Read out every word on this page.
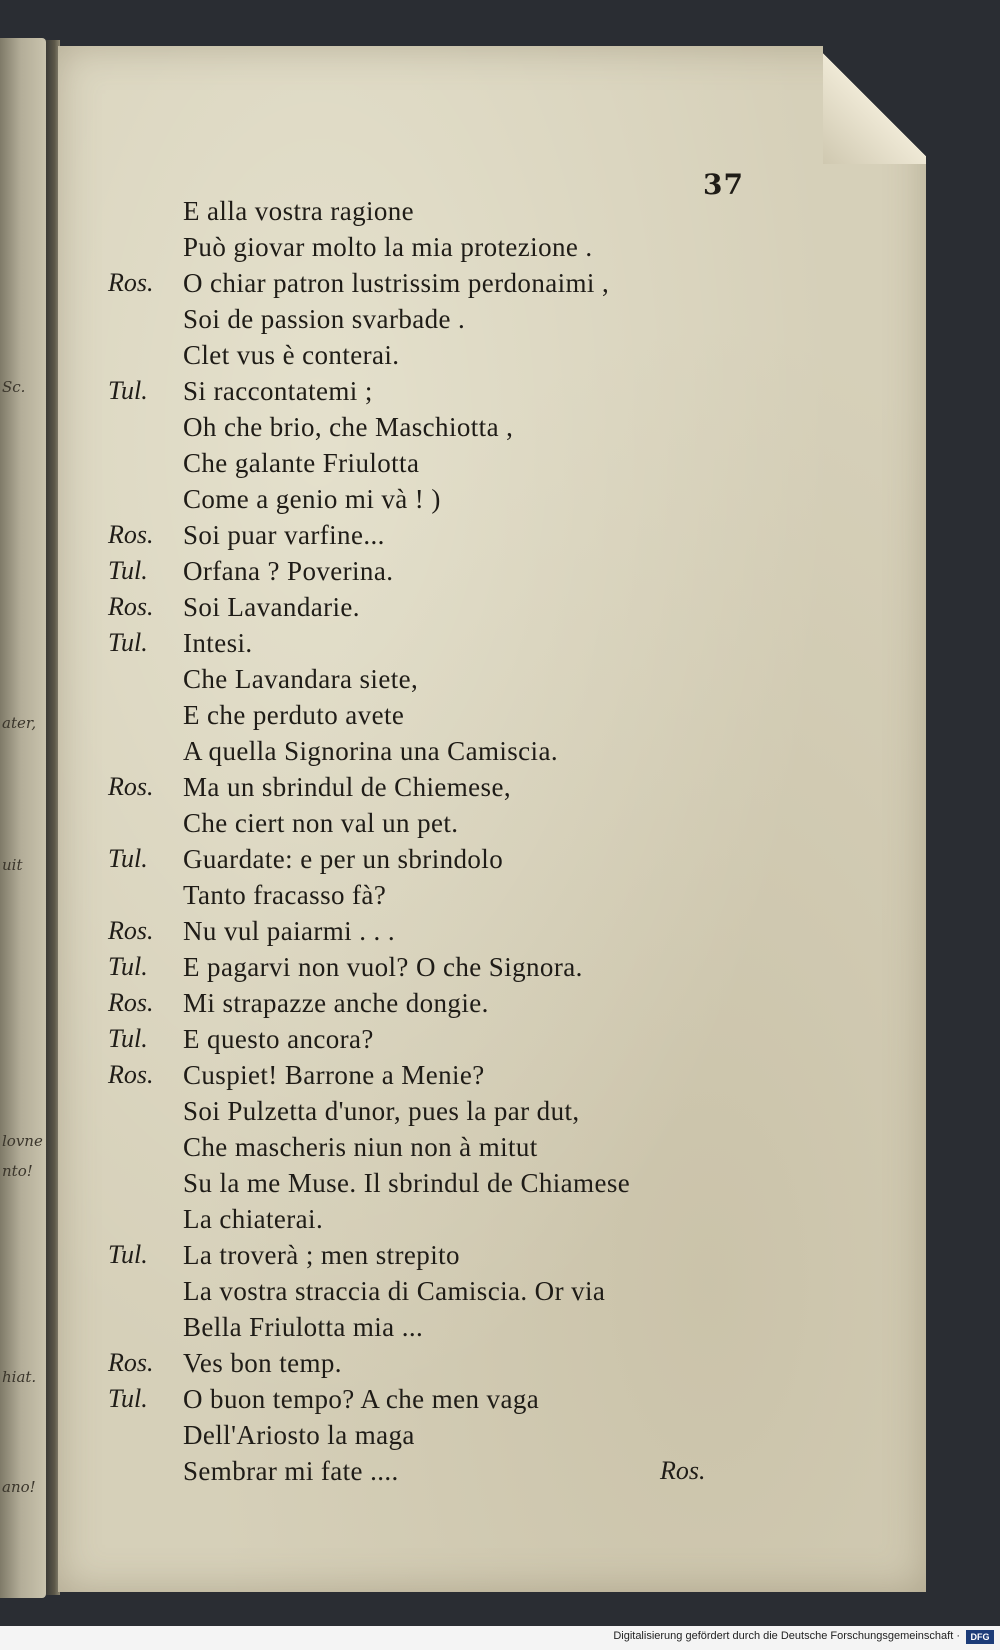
Sc.
ater,
uit
lovne
nto!
hiat.
ano!
37
E alla vostra ragione
Può giovar molto la mia protezione .
Ros. O chiar patron lustrissim perdonaimi ,
Soi de passion svarbade .
Clet vus è conterai.
Tul. Si raccontatemi ;
Oh che brio, che Maschiotta ,
Che galante Friulotta
Come a genio mi và ! )
Ros. Soi puar varfine...
Tul. Orfana ? Poverina.
Ros. Soi Lavandarie.
Tul. Intesi.
Che Lavandara siete,
E che perduto avete
A quella Signorina una Camiscia.
Ros. Ma un sbrindul de Chiemese,
Che ciert non val un pet.
Tul. Guardate: e per un sbrindolo
Tanto fracasso fà?
Ros. Nu vul paiarmi . . .
Tul. E pagarvi non vuol? O che Signora.
Ros. Mi strapazze anche dongie.
Tul. E questo ancora?
Ros. Cuspiet! Barrone a Menie?
Soi Pulzetta d'unor, pues la par dut,
Che mascheris niun non à mitut
Su la me Muse. Il sbrindul de Chiamese
La chiaterai.
Tul. La troverà ; men strepito
La vostra straccia di Camiscia. Or via
Bella Friulotta mia ...
Ros. Ves bon temp.
Tul. O buon tempo? A che men vaga
Dell'Ariosto la maga
Sembrar mi fate ....	Ros.
Digitalisierung gefördert durch die Deutsche Forschungsgemeinschaft ·	DFG
